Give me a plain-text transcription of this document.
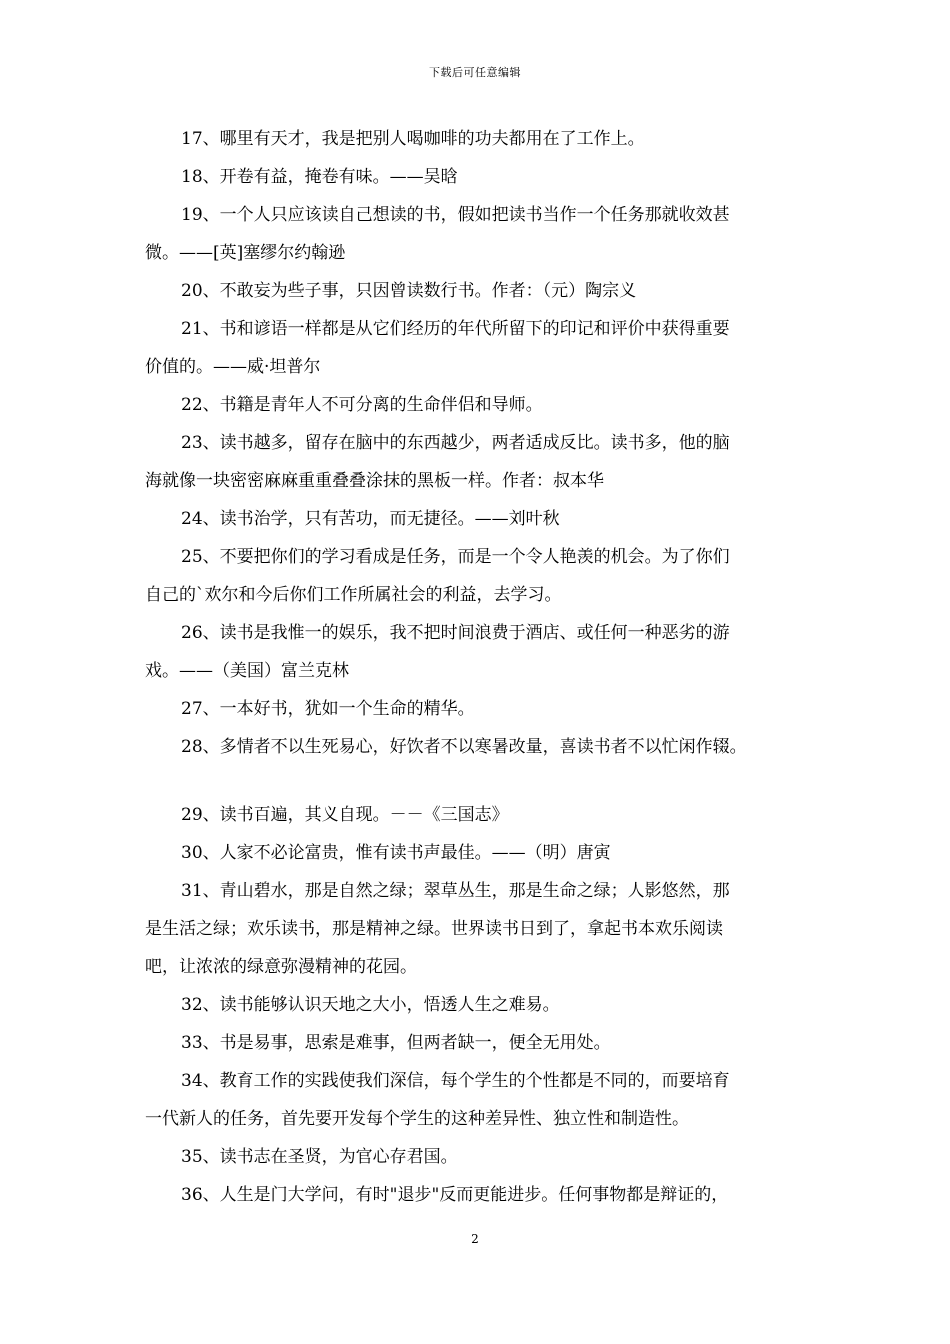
下载后可任意编辑
17、哪里有天才，我是把别人喝咖啡的功夫都用在了工作上。
18、开卷有益，掩卷有味。——吴晗
19、一个人只应该读自己想读的书，假如把读书当作一个任务那就收效甚
微。——[英]塞缪尔约翰逊
20、不敢妄为些子事，只因曾读数行书。作者：（元）陶宗义
21、书和谚语一样都是从它们经历的年代所留下的印记和评价中获得重要
价值的。——威·坦普尔
22、书籍是青年人不可分离的生命伴侣和导师。
23、读书越多，留存在脑中的东西越少，两者适成反比。读书多，他的脑
海就像一块密密麻麻重重叠叠涂抹的黑板一样。作者：叔本华
24、读书治学，只有苦功，而无捷径。——刘叶秋
25、不要把你们的学习看成是任务，而是一个令人艳羡的机会。为了你们
自己的`欢尔和今后你们工作所属社会的利益，去学习。
26、读书是我惟一的娱乐，我不把时间浪费于酒店、或任何一种恶劣的游
戏。——（美国）富兰克林
27、一本好书，犹如一个生命的精华。
28、多情者不以生死易心，好饮者不以寒暑改量，喜读书者不以忙闲作辍。
29、读书百遍，其义自现。－－《三国志》
30、人家不必论富贵，惟有读书声最佳。——（明）唐寅
31、青山碧水，那是自然之绿；翠草丛生，那是生命之绿；人影悠然，那
是生活之绿；欢乐读书，那是精神之绿。世界读书日到了，拿起书本欢乐阅读
吧，让浓浓的绿意弥漫精神的花园。
32、读书能够认识天地之大小，悟透人生之难易。
33、书是易事，思索是难事，但两者缺一，便全无用处。
34、教育工作的实践使我们深信，每个学生的个性都是不同的，而要培育
一代新人的任务，首先要开发每个学生的这种差异性、独立性和制造性。
35、读书志在圣贤，为官心存君国。
36、人生是门大学问，有时"退步"反而更能进步。任何事物都是辩证的，
2
